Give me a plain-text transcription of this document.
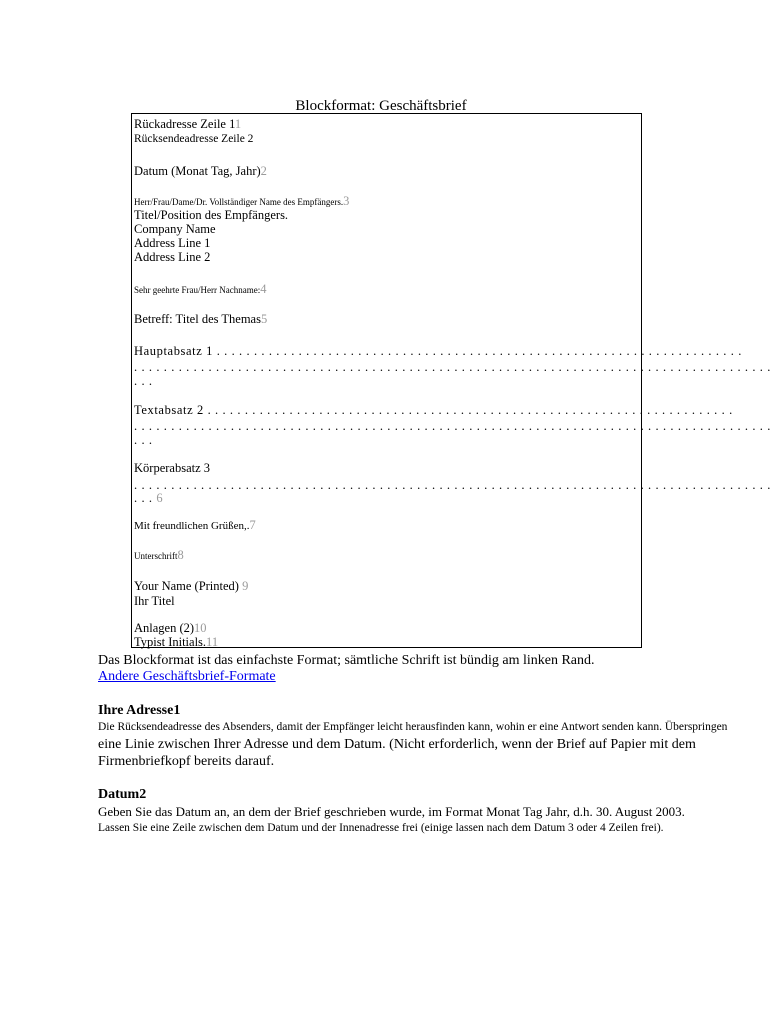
Blockformat: Geschäftsbrief
Rückadresse Zeile 11
Rücksendeadresse Zeile 2
Datum (Monat Tag, Jahr)2
Herr/Frau/Dame/Dr. Vollständiger Name des Empfängers.3
Titel/Position des Empfängers.
Company Name
Address Line 1
Address Line 2
Sehr geehrte Frau/Herr Nachname:4
Betreff: Titel des Themas5
Hauptabsatz 1 . . . . . . . . . . . . . . . . . . . . . . . . . . . . . . . . . . . . . . . . . . . . . . . . . . . . . . . . . . . . . . . . . . . . . . .
. . . . . . . . . . . . . . . . . . . . . . . . . . . . . . . . . . . . . . . . . . . . . . . . . . . . . . . . . . . . . . . . . . . . . . . . . . . . . . . . . . . . . .
. . .
Textabsatz 2 . . . . . . . . . . . . . . . . . . . . . . . . . . . . . . . . . . . . . . . . . . . . . . . . . . . . . . . . . . . . . . . . . . . . . . .
. . . . . . . . . . . . . . . . . . . . . . . . . . . . . . . . . . . . . . . . . . . . . . . . . . . . . . . . . . . . . . . . . . . . . . . . . . . . . . . . . . . . . .
. . .
Körperabsatz 3
. . . . . . . . . . . . . . . . . . . . . . . . . . . . . . . . . . . . . . . . . . . . . . . . . . . . . . . . . . . . . . . . . . . . . . . . . . . . . . . . . . . . . .
. . . 6
Mit freundlichen Grüßen,.7
Unterschrift8
Your Name (Printed) 9
Ihr Titel
Anlagen (2)10
Typist Initials.11
Das Blockformat ist das einfachste Format; sämtliche Schrift ist bündig am linken Rand.
Andere Geschäftsbrief-Formate
Ihre Adresse1
Die Rücksendeadresse des Absenders, damit der Empfänger leicht herausfinden kann, wohin er eine Antwort senden kann. Überspringen
eine Linie zwischen Ihrer Adresse und dem Datum. (Nicht erforderlich, wenn der Brief auf Papier mit dem
Firmenbriefkopf bereits darauf.
Datum2
Geben Sie das Datum an, an dem der Brief geschrieben wurde, im Format Monat Tag Jahr, d.h. 30. August 2003.
Lassen Sie eine Zeile zwischen dem Datum und der Innenadresse frei (einige lassen nach dem Datum 3 oder 4 Zeilen frei).
